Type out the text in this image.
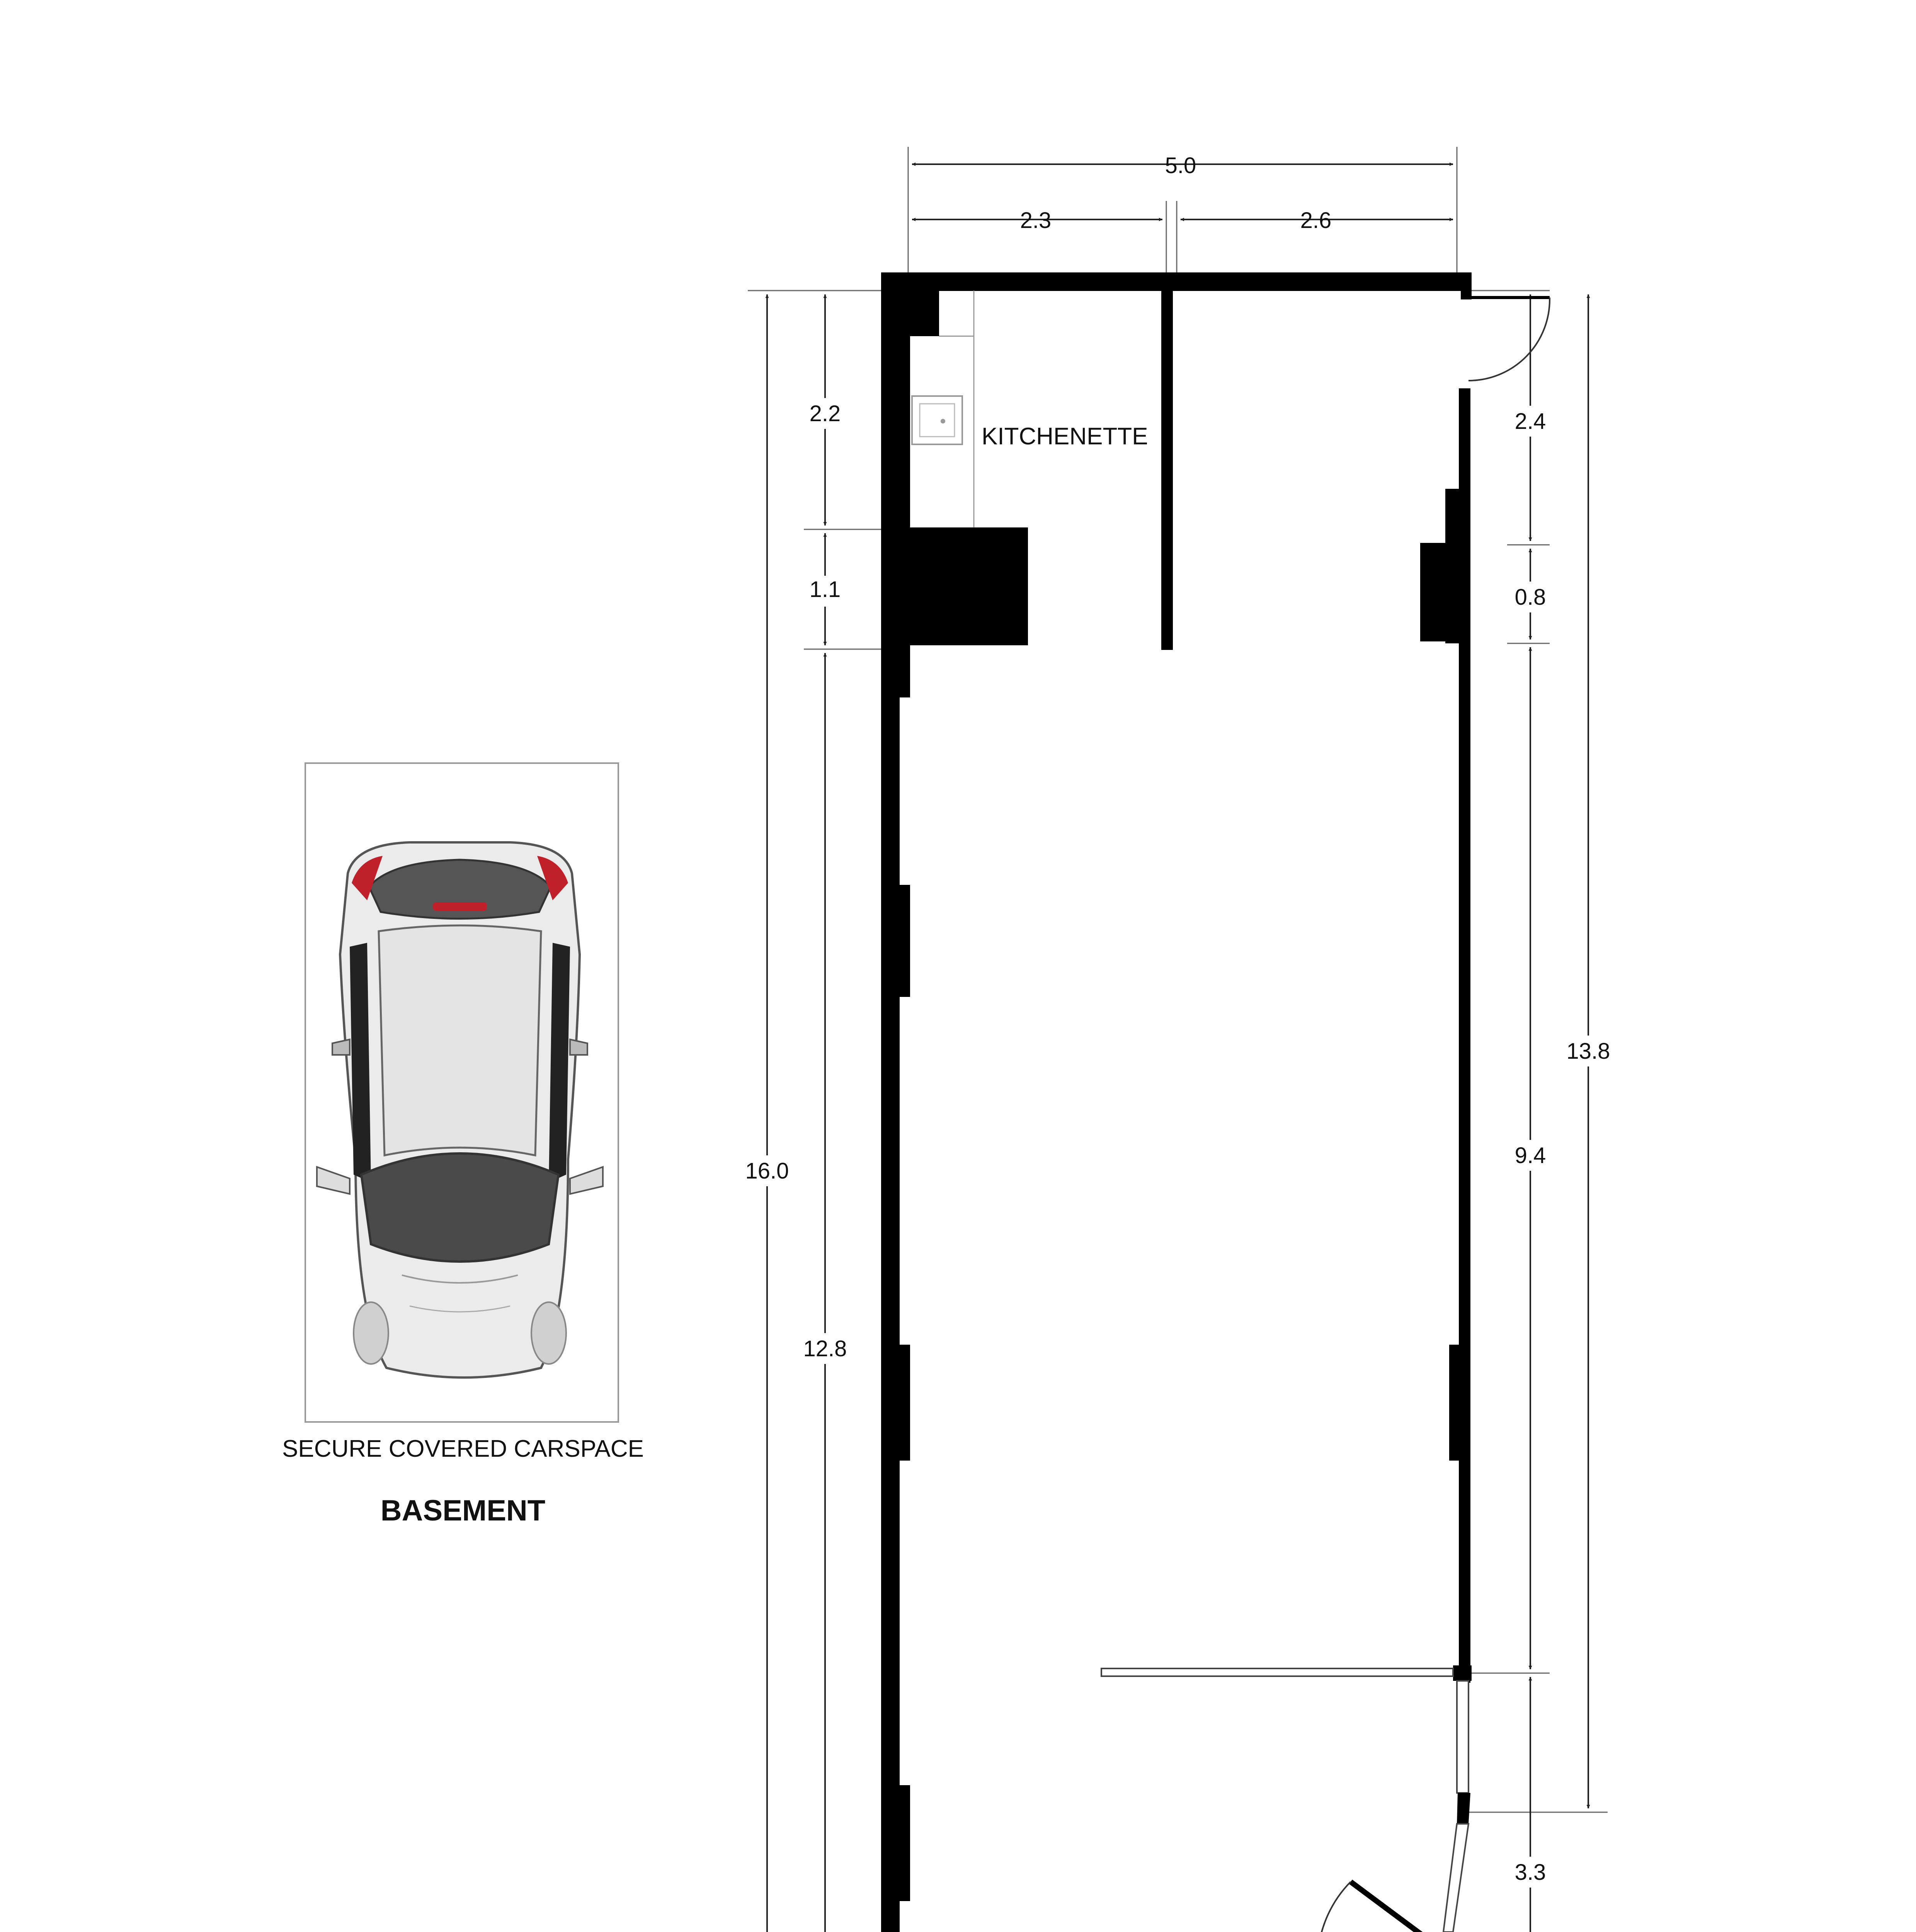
5.0
2.3	2.6
16.0
2.2
1.1
12.8
2.4
0.8
9.4
13.8
3.3
KITCHENETTE
SECURE COVERED CARSPACE
BASEMENT
